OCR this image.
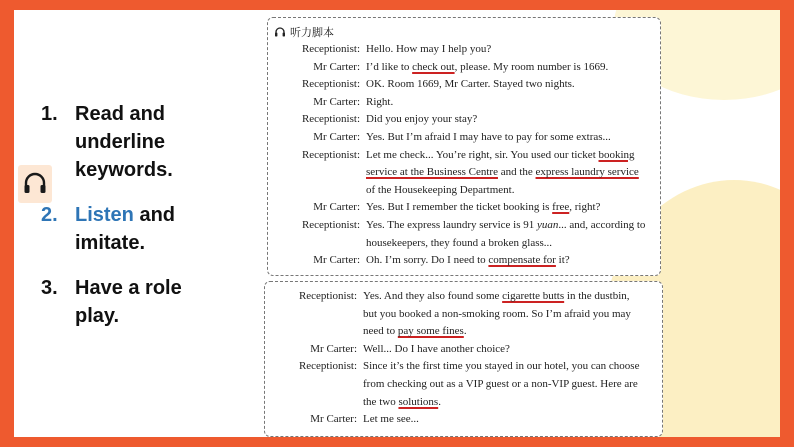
1. Read and underline keywords.
2. Listen and imitate.
3. Have a role play.
听力脚本
Receptionist: Hello. How may I help you?
Mr Carter: I’d like to check out, please. My room number is 1669.
Receptionist: OK. Room 1669, Mr Carter. Stayed two nights.
Mr Carter: Right.
Receptionist: Did you enjoy your stay?
Mr Carter: Yes. But I’m afraid I may have to pay for some extras...
Receptionist: Let me check... You’re right, sir. You used our ticket booking
service at the Business Centre and the express laundry service
of the Housekeeping Department.
Mr Carter: Yes. But I remember the ticket booking is free, right?
Receptionist: Yes. The express laundry service is 91 yuan... and, according to
housekeepers, they found a broken glass...
Mr Carter: Oh. I’m sorry. Do I need to compensate for it?
Receptionist: Yes. And they also found some cigarette butts in the dustbin,
but you booked a non-smoking room. So I’m afraid you may
need to pay some fines.
Mr Carter: Well... Do I have another choice?
Receptionist: Since it’s the first time you stayed in our hotel, you can choose
from checking out as a VIP guest or a non-VIP guest. Here are
the two solutions.
Mr Carter: Let me see...
